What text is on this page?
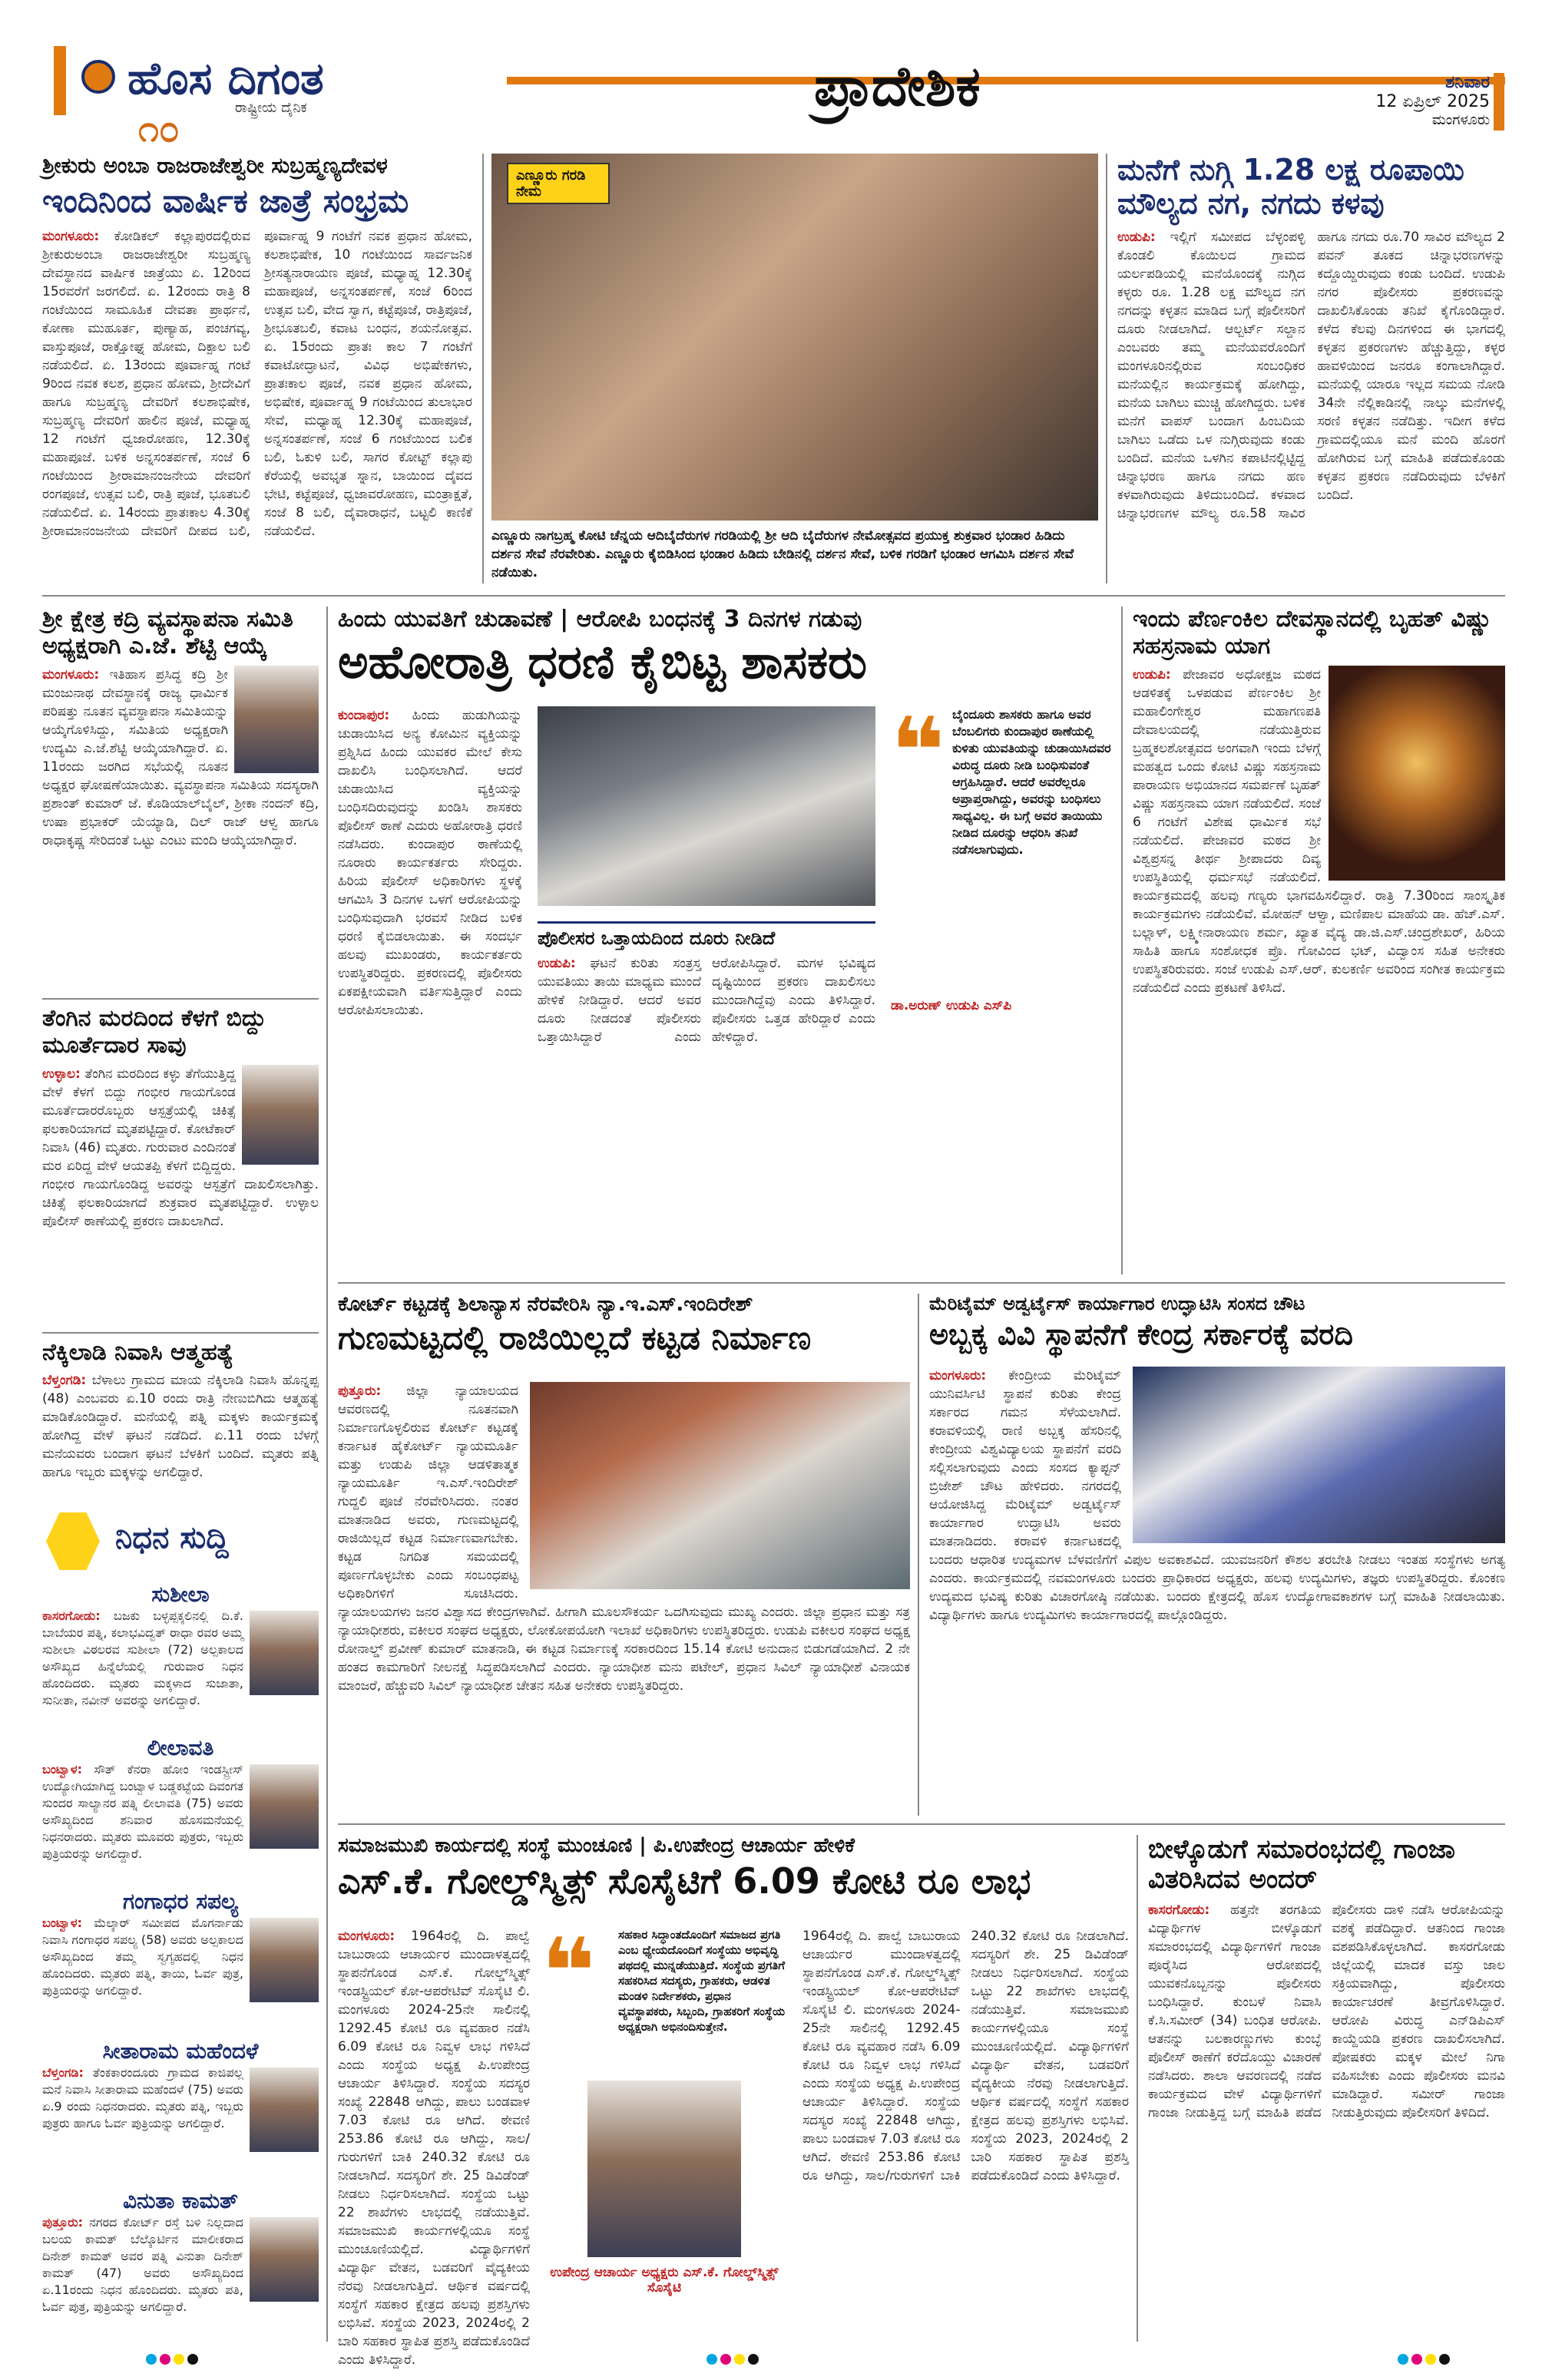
ಹೊಸ ದಿಗಂತ
ರಾಷ್ಟ್ರೀಯ ದೈನಿಕ
೧೦
ಪ್ರಾದೇಶಿಕ	ಶನಿವಾರ
12 ಏಪ್ರಿಲ್ 2025
ಮಂಗಳೂರು
ಶ್ರೀಕುರು ಅಂಬಾ ರಾಜರಾಜೇಶ್ವರೀ ಸುಬ್ರಹ್ಮಣ್ಯದೇವಳ
ಇಂದಿನಿಂದ ವಾರ್ಷಿಕ ಜಾತ್ರೆ ಸಂಭ್ರಮ
ಮಂಗಳೂರು: ಕೋಡಿಕಲ್ ಕಲ್ಲಾಪುರದಲ್ಲಿರುವ ಶ್ರೀಕುರುಅಂಬಾ ರಾಜರಾಜೇಶ್ವರೀ ಸುಬ್ರಹ್ಮಣ್ಯ ದೇವಸ್ಥಾನದ ವಾರ್ಷಿಕ ಜಾತ್ರೆಯು ಏ. 12ರಿಂದ 15ರವರೆಗೆ ಜರಗಲಿದೆ. ಏ. 12ರಂದು ರಾತ್ರಿ 8 ಗಂಟೆಯಿಂದ ಸಾಮೂಹಿಕ ದೇವತಾ ಪ್ರಾರ್ಥನೆ, ಕೋಣಾ ಮುಹೂರ್ತ, ಪುಣ್ಯಾಹ, ಪಂಚಗವ್ಯ, ವಾಸ್ತುಪೂಜೆ, ರಾಕ್ಷೋಘ್ನ ಹೋಮ, ದಿಕ್ಪಾಲ ಬಲಿ ನಡೆಯಲಿದೆ. ಏ. 13ರಂದು ಪೂರ್ವಾಹ್ನ ಗಂಟೆ 9ರಿಂದ ನವಕ ಕಲಶ, ಪ್ರಧಾನ ಹೋಮ, ಶ್ರೀದೇವಿಗೆ ಹಾಗೂ ಸುಬ್ರಹ್ಮಣ್ಯ ದೇವರಿಗೆ ಕಲಶಾಭಿಷೇಕ, ಸುಬ್ರಹ್ಮಣ್ಯ ದೇವರಿಗೆ ಹಾಲಿನ ಪೂಜೆ, ಮಧ್ಯಾಹ್ನ 12 ಗಂಟೆಗೆ ಧ್ವಜಾರೋಹಣ, 12.30ಕ್ಕೆ ಮಹಾಪೂಜೆ. ಬಳಿಕ ಅನ್ನಸಂತರ್ಪಣೆ, ಸಂಜೆ 6 ಗಂಟೆಯಿಂದ ಶ್ರೀರಾಮಾನಂಜನೇಯ ದೇವರಿಗೆ ರಂಗಪೂಜೆ, ಉತ್ಸವ ಬಲಿ, ರಾತ್ರಿ ಪೂಜೆ, ಭೂತಬಲಿ ನಡೆಯಲಿದೆ. ಏ. 14ರಂದು ಪ್ರಾತಃಕಾಲ 4.30ಕ್ಕೆ ಶ್ರೀರಾಮಾನಂಜನೇಯ ದೇವರಿಗೆ ದೀಪದ ಬಲಿ, ಪೂರ್ವಾಹ್ನ 9 ಗಂಟೆಗೆ ನವಕ ಪ್ರಧಾನ ಹೋಮ, ಕಲಶಾಭಿಷೇಕ, 10 ಗಂಟೆಯಿಂದ ಸಾರ್ವಜನಿಕ ಶ್ರೀಸತ್ಯನಾರಾಯಣ ಪೂಜೆ, ಮಧ್ಯಾಹ್ನ 12.30ಕ್ಕೆ ಮಹಾಪೂಜೆ, ಅನ್ನಸಂತರ್ಪಣೆ, ಸಂಜೆ 6ರಿಂದ ಉತ್ಸವ ಬಲಿ, ವೇದ ಸ್ವಾಗ, ಕಟ್ಟೆಪೂಜೆ, ರಾತ್ರಿಪೂಜೆ, ಶ್ರೀಭೂತಬಲಿ, ಕವಾಟ ಬಂಧನ, ಶಯನೋತ್ಸವ. ಏ. 15ರಂದು ಪ್ರಾತಃ ಕಾಲ 7 ಗಂಟೆಗೆ ಕವಾಟೋದ್ಘಾಟನೆ, ವಿವಿಧ ಅಭಿಷೇಕಗಳು, ಪ್ರಾತಃಕಾಲ ಪೂಜೆ, ನವಕ ಪ್ರಧಾನ ಹೋಮ, ಅಭಿಷೇಕ, ಪೂರ್ವಾಹ್ನ 9 ಗಂಟೆಯಿಂದ ತುಲಾಭಾರ ಸೇವೆ, ಮಧ್ಯಾಹ್ನ 12.30ಕ್ಕೆ ಮಹಾಪೂಜೆ, ಅನ್ನಸಂತರ್ಪಣೆ, ಸಂಜೆ 6 ಗಂಟೆಯಿಂದ ಬಲಿಕ ಬಲಿ, ಓಕುಳಿ ಬಲಿ, ಸಾಗರ ಕೋಟ್ಟ್ ಕಲ್ಲಾಪು ಕೆರೆಯಲ್ಲಿ ಅವಭೃತ ಸ್ನಾನ, ಬಾಯಿಂದ ದೈವದ ಭೇಟಿ, ಕಟ್ಟೆಪೂಜೆ, ಧ್ವಜಾವರೋಹಣ, ಮಂತ್ರಾಕ್ಷತೆ, ಸಂಜೆ 8 ಬಲಿ, ದೈವಾರಾಧನೆ, ಬಟ್ಟಲಿ ಕಾಣಿಕೆ ನಡೆಯಲಿದೆ.
ಎಣ್ಣೂರು ಗರಡಿ ನೇಮ
ಎಣ್ಣೂರು ನಾಗಬ್ರಹ್ಮ ಕೋಟಿ ಚೆನ್ನಯ ಆದಿಬೈದೆರುಗಳ ಗರಡಿಯಲ್ಲಿ ಶ್ರೀ ಆದಿ ಬೈದೆರುಗಳ ನೇಮೋತ್ಸವದ ಪ್ರಯುಕ್ತ ಶುಕ್ರವಾರ ಭಂಡಾರ ಹಿಡಿದು ದರ್ಶನ ಸೇವೆ ನೆರವೇರಿತು. ಎಣ್ಣೂರು ಕೈಬಿಡಿಸಿಂದ ಭಂಡಾರ ಹಿಡಿದು ಬೇಡಿನಲ್ಲಿ ದರ್ಶನ ಸೇವೆ, ಬಳಿಕ ಗರಡಿಗೆ ಭಂಡಾರ ಆಗಮಿಸಿ ದರ್ಶನ ಸೇವೆ ನಡೆಯಿತು.
ಮನೆಗೆ ನುಗ್ಗಿ 1.28 ಲಕ್ಷ ರೂಪಾಯಿ ಮೌಲ್ಯದ ನಗ, ನಗದು ಕಳವು
ಉಡುಪಿ: ಇಲ್ಲಿಗೆ ಸಮೀಪದ ಬೆಳ್ಳಂಪಳ್ಳಿ ಕೊಂಡಲಿ ಕೊಯಿಲದ ಗ್ರಾಮದ ಯರ್ಲಪಡಿಯಲ್ಲಿ ಮನೆಯೊಂದಕ್ಕೆ ನುಗ್ಗಿದ ಕಳ್ಳರು ರೂ. 1.28 ಲಕ್ಷ ಮೌಲ್ಯದ ನಗ ನಗದನ್ನು ಕಳ್ಳತನ ಮಾಡಿದ ಬಗ್ಗೆ ಪೊಲೀಸರಿಗೆ ದೂರು ನೀಡಲಾಗಿದೆ. ಆಲ್ಬರ್ಟ್ ಸಲ್ದಾನ ಎಂಬವರು ತಮ್ಮ ಮನೆಯವರೊಂದಿಗೆ ಮಂಗಳೂರಿನಲ್ಲಿರುವ ಸಂಬಂಧಿಕರ ಮನೆಯಲ್ಲಿನ ಕಾರ್ಯಕ್ರಮಕ್ಕೆ ಹೋಗಿದ್ದು, ಮನೆಯ ಬಾಗಿಲು ಮುಚ್ಚಿ ಹೋಗಿದ್ದರು. ಬಳಿಕ ಮನೆಗೆ ವಾಪಸ್ ಬಂದಾಗ ಹಿಂಬದಿಯ ಬಾಗಿಲು ಒಡೆದು ಒಳ ನುಗ್ಗಿರುವುದು ಕಂಡು ಬಂದಿದೆ. ಮನೆಯ ಒಳಗಿನ ಕಪಾಟಿನಲ್ಲಿಟ್ಟಿದ್ದ ಚಿನ್ನಾಭರಣ ಹಾಗೂ ನಗದು ಹಣ ಕಳವಾಗಿರುವುದು ತಿಳಿದುಬಂದಿದೆ. ಕಳವಾದ ಚಿನ್ನಾಭರಣಗಳ ಮೌಲ್ಯ ರೂ.58 ಸಾವಿರ ಹಾಗೂ ನಗದು ರೂ.70 ಸಾವಿರ ಮೌಲ್ಯದ 2 ಪವನ್ ತೂಕದ ಚಿನ್ನಾಭರಣಗಳನ್ನು ಕದ್ದೊಯ್ದಿರುವುದು ಕಂಡು ಬಂದಿದೆ. ಉಡುಪಿ ನಗರ ಪೊಲೀಸರು ಪ್ರಕರಣವನ್ನು ದಾಖಲಿಸಿಕೊಂಡು ತನಿಖೆ ಕೈಗೊಂಡಿದ್ದಾರೆ. ಕಳೆದ ಕೆಲವು ದಿನಗಳಿಂದ ಈ ಭಾಗದಲ್ಲಿ ಕಳ್ಳತನ ಪ್ರಕರಣಗಳು ಹೆಚ್ಚುತ್ತಿದ್ದು, ಕಳ್ಳರ ಹಾವಳಿಯಿಂದ ಜನರೂ ಕಂಗಾಲಾಗಿದ್ದಾರೆ. ಮನೆಯಲ್ಲಿ ಯಾರೂ ಇಲ್ಲದ ಸಮಯ ನೋಡಿ 34ನೇ ನೆಲ್ಲಿಕಾಡಿನಲ್ಲಿ ನಾಲ್ಕು ಮನೆಗಳಲ್ಲಿ ಸರಣಿ ಕಳ್ಳತನ ನಡೆದಿತ್ತು. ಇದೀಗ ಕಳೆದ ಗ್ರಾಮದಲ್ಲಿಯೂ ಮನೆ ಮಂದಿ ಹೊರಗೆ ಹೋಗಿರುವ ಬಗ್ಗೆ ಮಾಹಿತಿ ಪಡೆದುಕೊಂಡು ಕಳ್ಳತನ ಪ್ರಕರಣ ನಡೆದಿರುವುದು ಬೆಳಕಿಗೆ ಬಂದಿದೆ.
ಶ್ರೀ ಕ್ಷೇತ್ರ ಕದ್ರಿ ವ್ಯವಸ್ಥಾಪನಾ ಸಮಿತಿ ಅಧ್ಯಕ್ಷರಾಗಿ ಎ.ಜೆ. ಶೆಟ್ಟಿ ಆಯ್ಕೆ
ಮಂಗಳೂರು: ಇತಿಹಾಸ ಪ್ರಸಿದ್ಧ ಕದ್ರಿ ಶ್ರೀ ಮಂಜುನಾಥ ದೇವಸ್ಥಾನಕ್ಕೆ ರಾಜ್ಯ ಧಾರ್ಮಿಕ ಪರಿಷತ್ತು ನೂತನ ವ್ಯವಸ್ಥಾಪನಾ ಸಮಿತಿಯನ್ನು ಆಯ್ಕೆಗೊಳಿಸಿದ್ದು, ಸಮಿತಿಯ ಅಧ್ಯಕ್ಷರಾಗಿ ಉದ್ಯಮಿ ಎ.ಜೆ.ಶೆಟ್ಟಿ ಆಯ್ಕೆಯಾಗಿದ್ದಾರೆ. ಏ. 11ರಂದು ಜರಗಿದ ಸಭೆಯಲ್ಲಿ ನೂತನ ಅಧ್ಯಕ್ಷರ ಘೋಷಣೆಯಾಯಿತು. ವ್ಯವಸ್ಥಾಪನಾ ಸಮಿತಿಯ ಸದಸ್ಯರಾಗಿ ಪ್ರಶಾಂತ್ ಕುಮಾರ್ ಜೆ. ಕೊಡಿಯಾಲ್‌ಬೈಲ್, ಶ್ರೀಕಾ ನಂದನ್ ಕದ್ರಿ, ಉಷಾ ಪ್ರಭಾಕರ್ ಯೆಯ್ಯಾಡಿ, ದಿಲ್ ರಾಜ್ ಆಳ್ವ ಹಾಗೂ ರಾಧಾಕೃಷ್ಣ ಸೇರಿದಂತೆ ಒಟ್ಟು ಎಂಟು ಮಂದಿ ಆಯ್ಕೆಯಾಗಿದ್ದಾರೆ.
ತೆಂಗಿನ ಮರದಿಂದ ಕೆಳಗೆ ಬಿದ್ದು ಮೂರ್ತೆದಾರ ಸಾವು
ಉಳ್ಳಾಲ: ತೆಂಗಿನ ಮರದಿಂದ ಕಳ್ಳು ತೆಗೆಯುತ್ತಿದ್ದ ವೇಳೆ ಕೆಳಗೆ ಬಿದ್ದು ಗಂಭೀರ ಗಾಯಗೊಂಡ ಮೂರ್ತೆದಾರರೊಬ್ಬರು ಆಸ್ಪತ್ರೆಯಲ್ಲಿ ಚಿಕಿತ್ಸೆ ಫಲಕಾರಿಯಾಗದೆ ಮೃತಪಟ್ಟಿದ್ದಾರೆ. ಕೋಟೆಕಾರ್ ನಿವಾಸಿ (46) ಮೃತರು. ಗುರುವಾರ ಎಂದಿನಂತೆ ಮರ ಏರಿದ್ದ ವೇಳೆ ಆಯತಪ್ಪಿ ಕೆಳಗೆ ಬಿದ್ದಿದ್ದರು. ಗಂಭೀರ ಗಾಯಗೊಂಡಿದ್ದ ಅವರನ್ನು ಆಸ್ಪತ್ರೆಗೆ ದಾಖಲಿಸಲಾಗಿತ್ತು. ಚಿಕಿತ್ಸೆ ಫಲಕಾರಿಯಾಗದೆ ಶುಕ್ರವಾರ ಮೃತಪಟ್ಟಿದ್ದಾರೆ. ಉಳ್ಳಾಲ ಪೊಲೀಸ್ ಠಾಣೆಯಲ್ಲಿ ಪ್ರಕರಣ ದಾಖಲಾಗಿದೆ.
ನೆಕ್ಕಿಲಾಡಿ ನಿವಾಸಿ ಆತ್ಮಹತ್ಯೆ
ಬೆಳ್ತಂಗಡಿ: ಬೆಳಾಲು ಗ್ರಾಮದ ಮಾಯ ನೆಕ್ಕಿಲಾಡಿ ನಿವಾಸಿ ಹೊನ್ನಪ್ಪ (48) ಎಂಬವರು ಏ.10 ರಂದು ರಾತ್ರಿ ನೇಣುಬಿಗಿದು ಆತ್ಮಹತ್ಯೆ ಮಾಡಿಕೊಂಡಿದ್ದಾರೆ. ಮನೆಯಲ್ಲಿ ಪತ್ನಿ ಮಕ್ಕಳು ಕಾರ್ಯಕ್ರಮಕ್ಕೆ ಹೋಗಿದ್ದ ವೇಳೆ ಘಟನೆ ನಡೆದಿದೆ. ಏ.11 ರಂದು ಬೆಳಗ್ಗೆ ಮನೆಯವರು ಬಂದಾಗ ಘಟನೆ ಬೆಳಕಿಗೆ ಬಂದಿದೆ. ಮೃತರು ಪತ್ನಿ ಹಾಗೂ ಇಬ್ಬರು ಮಕ್ಕಳನ್ನು ಅಗಲಿದ್ದಾರೆ.
ನಿಧನ ಸುದ್ದಿ
ಸುಶೀಲಾ
ಕಾಸರಗೋಡು: ಬಜಕು ಬಳ್ಳಪ್ಪಕ್ಕಲಿನಲ್ಲಿ ದಿ.ಕೆ. ಬಾಬೆಯರ ಪತ್ನಿ, ಕಲಾಭವಿದ್ವತ್ ರಾಧಾ ರವರ ಅಮ್ಮ ಸುಶೀಲಾ ವಿಠಲರವ ಸುಶೀಲಾ (72) ಅಲ್ಪಕಾಲದ ಅಸೌಖ್ಯದ ಹಿನ್ನೆಲೆಯಲ್ಲಿ ಗುರುವಾರ ನಿಧನ ಹೊಂದಿದರು. ಮೃತರು ಮಕ್ಕಳಾದ ಸುಜಾತಾ, ಸುನೀತಾ, ನವೀನ್ ಅವರನ್ನು ಅಗಲಿದ್ದಾರೆ.
ಲೀಲಾವತಿ
ಬಂಟ್ವಾಳ: ಸೌತ್ ಕೆನರಾ ಹೋಂ ಇಂಡಸ್ಟ್ರೀಸ್ ಉದ್ಯೋಗಿಯಾಗಿದ್ದ ಬಂಟ್ವಾಳ ಬಡ್ಡಕಟ್ಟೆಯ ದಿವಂಗತ ಸುಂದರ ಸಾಲ್ಯಾನರ ಪತ್ನಿ ಲೀಲಾವತಿ (75) ಅವರು ಅಸೌಖ್ಯದಿಂದ ಶನಿವಾರ ಹೊಸಮನೆಯಲ್ಲಿ ನಿಧನರಾದರು. ಮೃತರು ಮೂವರು ಪುತ್ರರು, ಇಬ್ಬರು ಪುತ್ರಿಯರನ್ನು ಅಗಲಿದ್ದಾರೆ.
ಗಂಗಾಧರ ಸಪಲ್ಯ
ಬಂಟ್ವಾಳ: ಮೆಲ್ಕಾರ್ ಸಮೀಪದ ಮೊಗರ್ನಾಡು ನಿವಾಸಿ ಗಂಗಾಧರ ಸಪಲ್ಯ (58) ಅವರು ಅಲ್ಪಕಾಲದ ಅಸೌಖ್ಯದಿಂದ ತಮ್ಮ ಸ್ವಗೃಹದಲ್ಲಿ ನಿಧನ ಹೊಂದಿದರು. ಮೃತರು ಪತ್ನಿ, ತಾಯಿ, ಓರ್ವ ಪುತ್ರ, ಪುತ್ರಿಯರನ್ನು ಅಗಲಿದ್ದಾರೆ.
ಸೀತಾರಾಮ ಮಹೆಂದಳೆ
ಬೆಳ್ತಂಗಡಿ: ತೆಂಕಕಾರಂದೂರು ಗ್ರಾಮದ ಕಾಜಿಪಲ್ಲ ಮನೆ ನಿವಾಸಿ ಸೀತಾರಾಮ ಮಹೆಂದಳೆ (75) ಅವರು ಏ.9 ರಂದು ನಿಧನರಾದರು. ಮೃತರು ಪತ್ನಿ, ಇಬ್ಬರು ಪುತ್ರರು ಹಾಗೂ ಓರ್ವ ಪುತ್ರಿಯನ್ನು ಅಗಲಿದ್ದಾರೆ.
ವಿನುತಾ ಕಾಮತ್
ಪುತ್ತೂರು: ನಗರದ ಕೋರ್ಟ್ ರಸ್ತೆ ಬಳಿ ನಿಲ್ಲದಾದ ಬಲಯ ಕಾಮತ್ ಬೆಲ್ಕೊರ್ಟಿನ ಮಾಲೀಕರಾದ ದಿನೇಶ್ ಕಾಮತ್ ಅವರ ಪತ್ನಿ ವಿನುತಾ ದಿನೇಶ್ ಕಾಮತ್ (47) ಅವರು ಅಸೌಖ್ಯದಿಂದ ಏ.11ರಂದು ನಿಧನ ಹೊಂದಿದರು. ಮೃತರು ಪತಿ, ಓರ್ವ ಪುತ್ರ, ಪುತ್ರಿಯನ್ನು ಅಗಲಿದ್ದಾರೆ.
ಹಿಂದು ಯುವತಿಗೆ ಚುಡಾವಣೆ | ಆರೋಪಿ ಬಂಧನಕ್ಕೆ 3 ದಿನಗಳ ಗಡುವು
ಅಹೋರಾತ್ರಿ ಧರಣಿ ಕೈಬಿಟ್ಟ ಶಾಸಕರು
ಕುಂದಾಪುರ: ಹಿಂದು ಹುಡುಗಿಯನ್ನು ಚುಡಾಯಿಸಿದ ಅನ್ಯ ಕೋಮಿನ ವ್ಯಕ್ತಿಯನ್ನು ಪ್ರಶ್ನಿಸಿದ ಹಿಂದು ಯುವಕರ ಮೇಲೆ ಕೇಸು ದಾಖಲಿಸಿ ಬಂಧಿಸಲಾಗಿದೆ. ಆದರೆ ಚುಡಾಯಿಸಿದ ವ್ಯಕ್ತಿಯನ್ನು ಬಂಧಿಸದಿರುವುದನ್ನು ಖಂಡಿಸಿ ಶಾಸಕರು ಪೊಲೀಸ್ ಠಾಣೆ ಎದುರು ಅಹೋರಾತ್ರಿ ಧರಣಿ ನಡೆಸಿದರು. ಕುಂದಾಪುರ ಠಾಣೆಯಲ್ಲಿ ನೂರಾರು ಕಾರ್ಯಕರ್ತರು ಸೇರಿದ್ದರು. ಹಿರಿಯ ಪೊಲೀಸ್ ಅಧಿಕಾರಿಗಳು ಸ್ಥಳಕ್ಕೆ ಆಗಮಿಸಿ 3 ದಿನಗಳ ಒಳಗೆ ಆರೋಪಿಯನ್ನು ಬಂಧಿಸುವುದಾಗಿ ಭರವಸೆ ನೀಡಿದ ಬಳಿಕ ಧರಣಿ ಕೈಬಿಡಲಾಯಿತು. ಈ ಸಂದರ್ಭ ಹಲವು ಮುಖಂಡರು, ಕಾರ್ಯಕರ್ತರು ಉಪಸ್ಥಿತರಿದ್ದರು. ಪ್ರಕರಣದಲ್ಲಿ ಪೊಲೀಸರು ಏಕಪಕ್ಷೀಯವಾಗಿ ವರ್ತಿಸುತ್ತಿದ್ದಾರೆ ಎಂದು ಆರೋಪಿಸಲಾಯಿತು.
❝ ಬೈಂದೂರು ಶಾಸಕರು ಹಾಗೂ ಅವರ ಬೆಂಬಲಿಗರು ಕುಂದಾಪುರ ಠಾಣೆಯಲ್ಲಿ ಕುಳಿತು ಯುವತಿಯನ್ನು ಚುಡಾಯಿಸಿದವರ ವಿರುದ್ಧ ದೂರು ನೀಡಿ ಬಂಧಿಸುವಂತೆ ಆಗ್ರಹಿಸಿದ್ದಾರೆ. ಆದರೆ ಅವರೆಲ್ಲರೂ ಅಪ್ರಾಪ್ತರಾಗಿದ್ದು, ಅವರನ್ನು ಬಂಧಿಸಲು ಸಾಧ್ಯವಿಲ್ಲ. ಈ ಬಗ್ಗೆ ಅವರ ತಾಯಿಯು ನೀಡಿದ ದೂರನ್ನು ಆಧರಿಸಿ ತನಿಖೆ ನಡೆಸಲಾಗುವುದು.
ಡಾ.ಅರುಣ್ ಉಡುಪಿ ಎಸ್‌ಪಿ
ಪೊಲೀಸರ ಒತ್ತಾಯದಿಂದ ದೂರು ನೀಡಿದೆ
ಉಡುಪಿ: ಘಟನೆ ಕುರಿತು ಸಂತ್ರಸ್ತ ಯುವತಿಯು ತಾಯಿ ಮಾಧ್ಯಮ ಮುಂದೆ ಹೇಳಿಕೆ ನೀಡಿದ್ದಾರೆ. ಆದರೆ ಅವರ ದೂರು ನೀಡದಂತೆ ಪೊಲೀಸರು ಒತ್ತಾಯಿಸಿದ್ದಾರೆ ಎಂದು ಆರೋಪಿಸಿದ್ದಾರೆ. ಮಗಳ ಭವಿಷ್ಯದ ದೃಷ್ಟಿಯಿಂದ ಪ್ರಕರಣ ದಾಖಲಿಸಲು ಮುಂದಾಗಿದ್ದೆವು ಎಂದು ತಿಳಿಸಿದ್ದಾರೆ. ಪೊಲೀಸರು ಒತ್ತಡ ಹೇರಿದ್ದಾರೆ ಎಂದು ಹೇಳಿದ್ದಾರೆ.
ಇಂದು ಪೆರ್ಣಂಕಿಲ ದೇವಸ್ಥಾನದಲ್ಲಿ ಬೃಹತ್ ವಿಷ್ಣು ಸಹಸ್ರನಾಮ ಯಾಗ
ಉಡುಪಿ: ಪೇಜಾವರ ಅಧೋಕ್ಷಜ ಮಠದ ಆಡಳಿತಕ್ಕೆ ಒಳಪಡುವ ಪೆರ್ಣಂಕಿಲ ಶ್ರೀ ಮಹಾಲಿಂಗೇಶ್ವರ ಮಹಾಗಣಪತಿ ದೇವಾಲಯದಲ್ಲಿ ನಡೆಯುತ್ತಿರುವ ಬ್ರಹ್ಮಕಲಶೋತ್ಸವದ ಅಂಗವಾಗಿ ಇಂದು ಬೆಳಗ್ಗೆ ಮಹತ್ವದ ಒಂದು ಕೋಟಿ ವಿಷ್ಣು ಸಹಸ್ರನಾಮ ಪಾರಾಯಣ ಅಭಿಯಾನದ ಸಮರ್ಪಣೆ ಬೃಹತ್ ವಿಷ್ಣು ಸಹಸ್ರನಾಮ ಯಾಗ ನಡೆಯಲಿದೆ. ಸಂಜೆ 6 ಗಂಟೆಗೆ ವಿಶೇಷ ಧಾರ್ಮಿಕ ಸಭೆ ನಡೆಯಲಿದೆ. ಪೇಜಾವರ ಮಠದ ಶ್ರೀ ವಿಶ್ವಪ್ರಸನ್ನ ತೀರ್ಥ ಶ್ರೀಪಾದರು ದಿವ್ಯ ಉಪಸ್ಥಿತಿಯಲ್ಲಿ ಧರ್ಮಸಭೆ ನಡೆಯಲಿದೆ. ಕಾರ್ಯಕ್ರಮದಲ್ಲಿ ಹಲವು ಗಣ್ಯರು ಭಾಗವಹಿಸಲಿದ್ದಾರೆ. ರಾತ್ರಿ 7.30ರಿಂದ ಸಾಂಸ್ಕೃತಿಕ ಕಾರ್ಯಕ್ರಮಗಳು ನಡೆಯಲಿವೆ. ಮೋಹನ್ ಆಳ್ವಾ, ಮಣಿಪಾಲ ಮಾಹೆಯ ಡಾ. ಹೆಚ್.ಎಸ್. ಬಲ್ಲಾಳ್, ಲಕ್ಷ್ಮೀನಾರಾಯಣ ಶರ್ಮ, ಖ್ಯಾತ ವೈದ್ಯ ಡಾ.ಜಿ.ಎಸ್.ಚಂದ್ರಶೇಖರ್, ಹಿರಿಯ ಸಾಹಿತಿ ಹಾಗೂ ಸಂಶೋಧಕ ಪ್ರೊ. ಗೋವಿಂದ ಭಟ್, ವಿದ್ವಾಂಸ ಸಹಿತ ಅನೇಕರು ಉಪಸ್ಥಿತರಿರುವರು. ಸಂಜೆ ಉಡುಪಿ ಎಸ್.ಆರ್. ಕುಲಕರ್ಣಿ ಅವರಿಂದ ಸಂಗೀತ ಕಾರ್ಯಕ್ರಮ ನಡೆಯಲಿದೆ ಎಂದು ಪ್ರಕಟಣೆ ತಿಳಿಸಿದೆ.
ಕೋರ್ಟ್ ಕಟ್ಟಡಕ್ಕೆ ಶಿಲಾನ್ಯಾಸ ನೆರವೇರಿಸಿ ನ್ಯಾ.ಇ.ಎಸ್.ಇಂದಿರೇಶ್
ಗುಣಮಟ್ಟದಲ್ಲಿ ರಾಜಿಯಿಲ್ಲದೆ ಕಟ್ಟಡ ನಿರ್ಮಾಣ
ಪುತ್ತೂರು: ಜಿಲ್ಲಾ ನ್ಯಾಯಾಲಯದ ಆವರಣದಲ್ಲಿ ನೂತನವಾಗಿ ನಿರ್ಮಾಣಗೊಳ್ಳಲಿರುವ ಕೋರ್ಟ್ ಕಟ್ಟಡಕ್ಕೆ ಕರ್ನಾಟಕ ಹೈಕೋರ್ಟ್ ನ್ಯಾಯಮೂರ್ತಿ ಮತ್ತು ಉಡುಪಿ ಜಿಲ್ಲಾ ಆಡಳಿತಾತ್ಮಕ ನ್ಯಾಯಮೂರ್ತಿ ಇ.ಎಸ್.ಇಂದಿರೇಶ್ ಗುದ್ದಲಿ ಪೂಜೆ ನೆರವೇರಿಸಿದರು. ನಂತರ ಮಾತನಾಡಿದ ಅವರು, ಗುಣಮಟ್ಟದಲ್ಲಿ ರಾಜಿಯಿಲ್ಲದೆ ಕಟ್ಟಡ ನಿರ್ಮಾಣವಾಗಬೇಕು. ಕಟ್ಟಡ ನಿಗದಿತ ಸಮಯದಲ್ಲಿ ಪೂರ್ಣಗೊಳ್ಳಬೇಕು ಎಂದು ಸಂಬಂಧಪಟ್ಟ ಅಧಿಕಾರಿಗಳಿಗೆ ಸೂಚಿಸಿದರು. ನ್ಯಾಯಾಲಯಗಳು ಜನರ ವಿಶ್ವಾಸದ ಕೇಂದ್ರಗಳಾಗಿವೆ. ಹೀಗಾಗಿ ಮೂಲಸೌಕರ್ಯ ಒದಗಿಸುವುದು ಮುಖ್ಯ ಎಂದರು. ಜಿಲ್ಲಾ ಪ್ರಧಾನ ಮತ್ತು ಸತ್ರ ನ್ಯಾಯಾಧೀಶರು, ವಕೀಲರ ಸಂಘದ ಅಧ್ಯಕ್ಷರು, ಲೋಕೋಪಯೋಗಿ ಇಲಾಖೆ ಅಧಿಕಾರಿಗಳು ಉಪಸ್ಥಿತರಿದ್ದರು. ಉಡುಪಿ ವಕೀಲರ ಸಂಘದ ಅಧ್ಯಕ್ಷ ರೋನಾಲ್ಡ್ ಪ್ರವೀಣ್ ಕುಮಾರ್ ಮಾತನಾಡಿ, ಈ ಕಟ್ಟಡ ನಿರ್ಮಾಣಕ್ಕೆ ಸರಕಾರದಿಂದ 15.14 ಕೋಟಿ ಅನುದಾನ ಬಿಡುಗಡೆಯಾಗಿದೆ. 2 ನೇ ಹಂತದ ಕಾಮಗಾರಿಗೆ ನೀಲನಕ್ಷೆ ಸಿದ್ಧಪಡಿಸಲಾಗಿದೆ ಎಂದರು. ನ್ಯಾಯಾಧೀಶ ಮನು ಪಟೇಲ್, ಪ್ರಧಾನ ಸಿವಿಲ್ ನ್ಯಾಯಾಧೀಶೆ ವಿನಾಯಕ ಮಾಂಜರೆ, ಹೆಚ್ಚುವರಿ ಸಿವಿಲ್ ನ್ಯಾಯಾಧೀಶ ಚೇತನ ಸಹಿತ ಅನೇಕರು ಉಪಸ್ಥಿತರಿದ್ದರು.
ಮೆರಿಟೈಮ್ ಅಡ್ವರ್ಟೈಸ್ ಕಾರ್ಯಾಗಾರ ಉದ್ಘಾಟಿಸಿ ಸಂಸದ ಚೌಟ
ಅಬ್ಬಕ್ಕ ವಿವಿ ಸ್ಥಾಪನೆಗೆ ಕೇಂದ್ರ ಸರ್ಕಾರಕ್ಕೆ ವರದಿ
ಮಂಗಳೂರು: ಕೇಂದ್ರೀಯ ಮೆರಿಟೈಮ್ ಯುನಿವರ್ಸಿಟಿ ಸ್ಥಾಪನೆ ಕುರಿತು ಕೇಂದ್ರ ಸರ್ಕಾರದ ಗಮನ ಸೆಳೆಯಲಾಗಿದೆ. ಕರಾವಳಿಯಲ್ಲಿ ರಾಣಿ ಅಬ್ಬಕ್ಕ ಹೆಸರಿನಲ್ಲಿ ಕೇಂದ್ರೀಯ ವಿಶ್ವವಿದ್ಯಾಲಯ ಸ್ಥಾಪನೆಗೆ ವರದಿ ಸಲ್ಲಿಸಲಾಗುವುದು ಎಂದು ಸಂಸದ ಕ್ಯಾಪ್ಟನ್ ಬ್ರಿಜೇಶ್ ಚೌಟ ಹೇಳಿದರು. ನಗರದಲ್ಲಿ ಆಯೋಜಿಸಿದ್ದ ಮೆರಿಟೈಮ್ ಅಡ್ವರ್ಟೈಸ್ ಕಾರ್ಯಾಗಾರ ಉದ್ಘಾಟಿಸಿ ಅವರು ಮಾತನಾಡಿದರು. ಕರಾವಳಿ ಕರ್ನಾಟಕದಲ್ಲಿ ಬಂದರು ಆಧಾರಿತ ಉದ್ಯಮಗಳ ಬೆಳವಣಿಗೆಗೆ ವಿಪುಲ ಅವಕಾಶವಿದೆ. ಯುವಜನರಿಗೆ ಕೌಶಲ ತರಬೇತಿ ನೀಡಲು ಇಂತಹ ಸಂಸ್ಥೆಗಳು ಅಗತ್ಯ ಎಂದರು. ಕಾರ್ಯಕ್ರಮದಲ್ಲಿ ನವಮಂಗಳೂರು ಬಂದರು ಪ್ರಾಧಿಕಾರದ ಅಧ್ಯಕ್ಷರು, ಹಲವು ಉದ್ಯಮಿಗಳು, ತಜ್ಞರು ಉಪಸ್ಥಿತರಿದ್ದರು. ಕೊಂಕಣ ಉದ್ಯಮದ ಭವಿಷ್ಯ ಕುರಿತು ವಿಚಾರಗೋಷ್ಠಿ ನಡೆಯಿತು. ಬಂದರು ಕ್ಷೇತ್ರದಲ್ಲಿ ಹೊಸ ಉದ್ಯೋಗಾವಕಾಶಗಳ ಬಗ್ಗೆ ಮಾಹಿತಿ ನೀಡಲಾಯಿತು. ವಿದ್ಯಾರ್ಥಿಗಳು ಹಾಗೂ ಉದ್ಯಮಿಗಳು ಕಾರ್ಯಾಗಾರದಲ್ಲಿ ಪಾಲ್ಗೊಂಡಿದ್ದರು.
ಸಮಾಜಮುಖಿ ಕಾರ್ಯದಲ್ಲಿ ಸಂಸ್ಥೆ ಮುಂಚೂಣಿ | ಪಿ.ಉಪೇಂದ್ರ ಆಚಾರ್ಯ ಹೇಳಿಕೆ
ಎಸ್.ಕೆ. ಗೋಲ್ಡ್‌ಸ್ಮಿತ್ಸ್ ಸೊಸೈಟಿಗೆ 6.09 ಕೋಟಿ ರೂ ಲಾಭ
ಮಂಗಳೂರು: 1964ರಲ್ಲಿ ದಿ. ಪಾಲ್ವೆ ಬಾಬುರಾಯ ಆಚಾರ್ಯರ ಮುಂದಾಳತ್ವದಲ್ಲಿ ಸ್ಥಾಪನೆಗೊಂಡ ಎಸ್.ಕೆ. ಗೋಲ್ಡ್‌ಸ್ಮಿತ್ಸ್ ಇಂಡಸ್ಟ್ರಿಯಲ್ ಕೋ-ಆಪರೇಟಿವ್ ಸೊಸೈಟಿ ಲಿ. ಮಂಗಳೂರು 2024-25ನೇ ಸಾಲಿನಲ್ಲಿ 1292.45 ಕೋಟಿ ರೂ ವ್ಯವಹಾರ ನಡೆಸಿ 6.09 ಕೋಟಿ ರೂ ನಿವ್ವಳ ಲಾಭ ಗಳಿಸಿದೆ ಎಂದು ಸಂಸ್ಥೆಯ ಅಧ್ಯಕ್ಷ ಪಿ.ಉಪೇಂದ್ರ ಆಚಾರ್ಯ ತಿಳಿಸಿದ್ದಾರೆ. ಸಂಸ್ಥೆಯ ಸದಸ್ಯರ ಸಂಖ್ಯೆ 22848 ಆಗಿದ್ದು, ಪಾಲು ಬಂಡವಾಳ 7.03 ಕೋಟಿ ರೂ ಆಗಿದೆ. ಠೇವಣಿ 253.86 ಕೋಟಿ ರೂ ಆಗಿದ್ದು, ಸಾಲ/ಗುರುಗಳಿಗೆ ಬಾಕಿ 240.32 ಕೋಟಿ ರೂ ನೀಡಲಾಗಿದೆ. ಸದಸ್ಯರಿಗೆ ಶೇ. 25 ಡಿವಿಡೆಂಡ್ ನೀಡಲು ನಿರ್ಧರಿಸಲಾಗಿದೆ. ಸಂಸ್ಥೆಯ ಒಟ್ಟು 22 ಶಾಖೆಗಳು ಲಾಭದಲ್ಲಿ ನಡೆಯುತ್ತಿವೆ. ಸಮಾಜಮುಖಿ ಕಾರ್ಯಗಳಲ್ಲಿಯೂ ಸಂಸ್ಥೆ ಮುಂಚೂಣಿಯಲ್ಲಿದೆ. ವಿದ್ಯಾರ್ಥಿಗಳಿಗೆ ವಿದ್ಯಾರ್ಥಿ ವೇತನ, ಬಡವರಿಗೆ ವೈದ್ಯಕೀಯ ನೆರವು ನೀಡಲಾಗುತ್ತಿದೆ. ಆರ್ಥಿಕ ವರ್ಷದಲ್ಲಿ ಸಂಸ್ಥೆಗೆ ಸಹಕಾರ ಕ್ಷೇತ್ರದ ಹಲವು ಪ್ರಶಸ್ತಿಗಳು ಲಭಿಸಿವೆ. ಸಂಸ್ಥೆಯ 2023, 2024ರಲ್ಲಿ 2 ಬಾರಿ ಸಹಕಾರ ಸ್ಥಾಪಿತ ಪ್ರಶಸ್ತಿ ಪಡೆದುಕೊಂಡಿದೆ ಎಂದು ತಿಳಿಸಿದ್ದಾರೆ.
❝ ಸಹಕಾರ ಸಿದ್ಧಾಂತದೊಂದಿಗೆ ಸಮಾಜದ ಪ್ರಗತಿ ಎಂಬ ಧ್ಯೇಯದೊಂದಿಗೆ ಸಂಸ್ಥೆಯು ಅಭಿವೃದ್ಧಿ ಪಥದಲ್ಲಿ ಮುನ್ನಡೆಯುತ್ತಿದೆ. ಸಂಸ್ಥೆಯ ಪ್ರಗತಿಗೆ ಸಹಕರಿಸಿದ ಸದಸ್ಯರು, ಗ್ರಾಹಕರು, ಆಡಳಿತ ಮಂಡಳಿ ನಿರ್ದೇಶಕರು, ಪ್ರಧಾನ ವ್ಯವಸ್ಥಾಪಕರು, ಸಿಬ್ಬಂದಿ, ಗ್ರಾಹಕರಿಗೆ ಸಂಸ್ಥೆಯ ಅಧ್ಯಕ್ಷರಾಗಿ ಅಭಿನಂದಿಸುತ್ತೇನೆ.
ಉಪೇಂದ್ರ ಆಚಾರ್ಯ ಅಧ್ಯಕ್ಷರು ಎಸ್.ಕೆ. ಗೋಲ್ಡ್‌ಸ್ಮಿತ್ಸ್ ಸೊಸೈಟಿ
1964ರಲ್ಲಿ ದಿ. ಪಾಲ್ವೆ ಬಾಬುರಾಯ ಆಚಾರ್ಯರ ಮುಂದಾಳತ್ವದಲ್ಲಿ ಸ್ಥಾಪನೆಗೊಂಡ ಎಸ್.ಕೆ. ಗೋಲ್ಡ್‌ಸ್ಮಿತ್ಸ್ ಇಂಡಸ್ಟ್ರಿಯಲ್ ಕೋ-ಆಪರೇಟಿವ್ ಸೊಸೈಟಿ ಲಿ. ಮಂಗಳೂರು 2024-25ನೇ ಸಾಲಿನಲ್ಲಿ 1292.45 ಕೋಟಿ ರೂ ವ್ಯವಹಾರ ನಡೆಸಿ 6.09 ಕೋಟಿ ರೂ ನಿವ್ವಳ ಲಾಭ ಗಳಿಸಿದೆ ಎಂದು ಸಂಸ್ಥೆಯ ಅಧ್ಯಕ್ಷ ಪಿ.ಉಪೇಂದ್ರ ಆಚಾರ್ಯ ತಿಳಿಸಿದ್ದಾರೆ. ಸಂಸ್ಥೆಯ ಸದಸ್ಯರ ಸಂಖ್ಯೆ 22848 ಆಗಿದ್ದು, ಪಾಲು ಬಂಡವಾಳ 7.03 ಕೋಟಿ ರೂ ಆಗಿದೆ. ಠೇವಣಿ 253.86 ಕೋಟಿ ರೂ ಆಗಿದ್ದು, ಸಾಲ/ಗುರುಗಳಿಗೆ ಬಾಕಿ 240.32 ಕೋಟಿ ರೂ ನೀಡಲಾಗಿದೆ. ಸದಸ್ಯರಿಗೆ ಶೇ. 25 ಡಿವಿಡೆಂಡ್ ನೀಡಲು ನಿರ್ಧರಿಸಲಾಗಿದೆ. ಸಂಸ್ಥೆಯ ಒಟ್ಟು 22 ಶಾಖೆಗಳು ಲಾಭದಲ್ಲಿ ನಡೆಯುತ್ತಿವೆ. ಸಮಾಜಮುಖಿ ಕಾರ್ಯಗಳಲ್ಲಿಯೂ ಸಂಸ್ಥೆ ಮುಂಚೂಣಿಯಲ್ಲಿದೆ. ವಿದ್ಯಾರ್ಥಿಗಳಿಗೆ ವಿದ್ಯಾರ್ಥಿ ವೇತನ, ಬಡವರಿಗೆ ವೈದ್ಯಕೀಯ ನೆರವು ನೀಡಲಾಗುತ್ತಿದೆ. ಆರ್ಥಿಕ ವರ್ಷದಲ್ಲಿ ಸಂಸ್ಥೆಗೆ ಸಹಕಾರ ಕ್ಷೇತ್ರದ ಹಲವು ಪ್ರಶಸ್ತಿಗಳು ಲಭಿಸಿವೆ. ಸಂಸ್ಥೆಯ 2023, 2024ರಲ್ಲಿ 2 ಬಾರಿ ಸಹಕಾರ ಸ್ಥಾಪಿತ ಪ್ರಶಸ್ತಿ ಪಡೆದುಕೊಂಡಿದೆ ಎಂದು ತಿಳಿಸಿದ್ದಾರೆ.
ಬೀಳ್ಕೊಡುಗೆ ಸಮಾರಂಭದಲ್ಲಿ ಗಾಂಜಾ ವಿತರಿಸಿದವ ಅಂದರ್
ಕಾಸರಗೋಡು: ಹತ್ತನೇ ತರಗತಿಯ ವಿದ್ಯಾರ್ಥಿಗಳ ಬೀಳ್ಕೊಡುಗೆ ಸಮಾರಂಭದಲ್ಲಿ ವಿದ್ಯಾರ್ಥಿಗಳಿಗೆ ಗಾಂಜಾ ಪೂರೈಸಿದ ಆರೋಪದಲ್ಲಿ ಯುವಕನೊಬ್ಬನನ್ನು ಪೊಲೀಸರು ಬಂಧಿಸಿದ್ದಾರೆ. ಕುಂಬಳೆ ನಿವಾಸಿ ಕೆ.ಸಿ.ಸಮೀರ್ (34) ಬಂಧಿತ ಆರೋಪಿ. ಆತನನ್ನು ಬಲಕಾರಣ್ಣುಗಳು ಕುಂಬ್ಳೆ ಪೊಲೀಸ್ ಠಾಣೆಗೆ ಕರೆದೊಯ್ದು ವಿಚಾರಣೆ ನಡೆಸಿದರು. ಶಾಲಾ ಆವರಣದಲ್ಲಿ ನಡೆದ ಕಾರ್ಯಕ್ರಮದ ವೇಳೆ ವಿದ್ಯಾರ್ಥಿಗಳಿಗೆ ಗಾಂಜಾ ನೀಡುತ್ತಿದ್ದ ಬಗ್ಗೆ ಮಾಹಿತಿ ಪಡೆದ ಪೊಲೀಸರು ದಾಳಿ ನಡೆಸಿ ಆರೋಪಿಯನ್ನು ವಶಕ್ಕೆ ಪಡೆದಿದ್ದಾರೆ. ಆತನಿಂದ ಗಾಂಜಾ ವಶಪಡಿಸಿಕೊಳ್ಳಲಾಗಿದೆ. ಕಾಸರಗೋಡು ಜಿಲ್ಲೆಯಲ್ಲಿ ಮಾದಕ ವಸ್ತು ಜಾಲ ಸಕ್ರಿಯವಾಗಿದ್ದು, ಪೊಲೀಸರು ಕಾರ್ಯಾಚರಣೆ ತೀವ್ರಗೊಳಿಸಿದ್ದಾರೆ. ಆರೋಪಿ ವಿರುದ್ಧ ಎನ್‌ಡಿಪಿಎಸ್ ಕಾಯ್ದೆಯಡಿ ಪ್ರಕರಣ ದಾಖಲಿಸಲಾಗಿದೆ. ಪೋಷಕರು ಮಕ್ಕಳ ಮೇಲೆ ನಿಗಾ ವಹಿಸಬೇಕು ಎಂದು ಪೊಲೀಸರು ಮನವಿ ಮಾಡಿದ್ದಾರೆ. ಸಮೀರ್ ಗಾಂಜಾ ನೀಡುತ್ತಿರುವುದು ಪೊಲೀಸರಿಗೆ ತಿಳಿದಿದೆ.
